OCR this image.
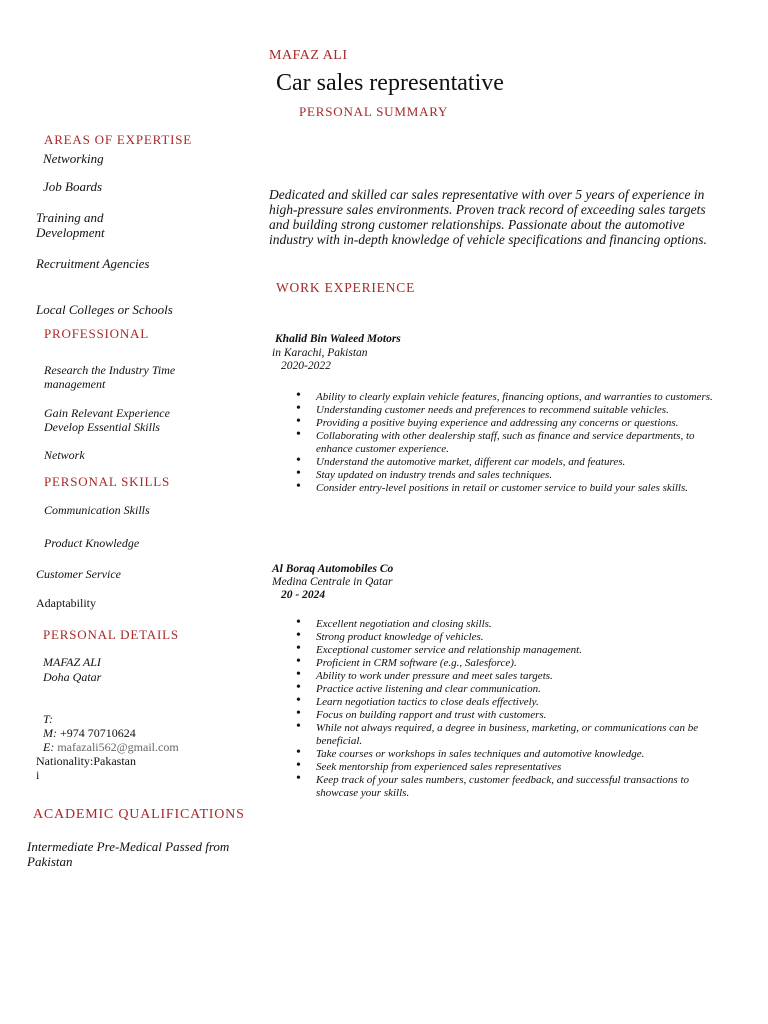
MAFAZ ALI
Car sales representative
PERSONAL SUMMARY
AREAS OF EXPERTISE
Networking
Job Boards
Training and Development
Recruitment Agencies
Local Colleges or Schools
PROFESSIONAL
Research the Industry Time management
Gain Relevant Experience Develop Essential Skills
Network
PERSONAL SKILLS
Communication Skills
Product Knowledge
Customer Service
Adaptability
PERSONAL DETAILS
MAFAZ ALI
Doha Qatar
T:
M: +974 70710624
E: mafazali562@gmail.com
Nationality:Pakastan
i
ACADEMIC QUALIFICATIONS
Intermediate Pre-Medical Passed from Pakistan
Dedicated and skilled car sales representative with over 5 years of experience in high-pressure sales environments. Proven track record of exceeding sales targets and building strong customer relationships. Passionate about the automotive industry with in-depth knowledge of vehicle specifications and financing options.
WORK EXPERIENCE
Khalid Bin Waleed Motors
in Karachi, Pakistan
2020-2022
• Ability to clearly explain vehicle features, financing options, and warranties to customers.
• Understanding customer needs and preferences to recommend suitable vehicles.
• Providing a positive buying experience and addressing any concerns or questions.
• Collaborating with other dealership staff, such as finance and service departments, to enhance customer experience.
• Understand the automotive market, different car models, and features.
• Stay updated on industry trends and sales techniques.
• Consider entry-level positions in retail or customer service to build your sales skills.
Al Boraq Automobiles Co
Medina Centrale in Qatar
20 - 2024
• Excellent negotiation and closing skills.
• Strong product knowledge of vehicles.
• Exceptional customer service and relationship management.
• Proficient in CRM software (e.g., Salesforce).
• Ability to work under pressure and meet sales targets.
• Practice active listening and clear communication.
• Learn negotiation tactics to close deals effectively.
• Focus on building rapport and trust with customers.
• While not always required, a degree in business, marketing, or communications can be beneficial.
• Take courses or workshops in sales techniques and automotive knowledge.
• Seek mentorship from experienced sales representatives
• Keep track of your sales numbers, customer feedback, and successful transactions to showcase your skills.
